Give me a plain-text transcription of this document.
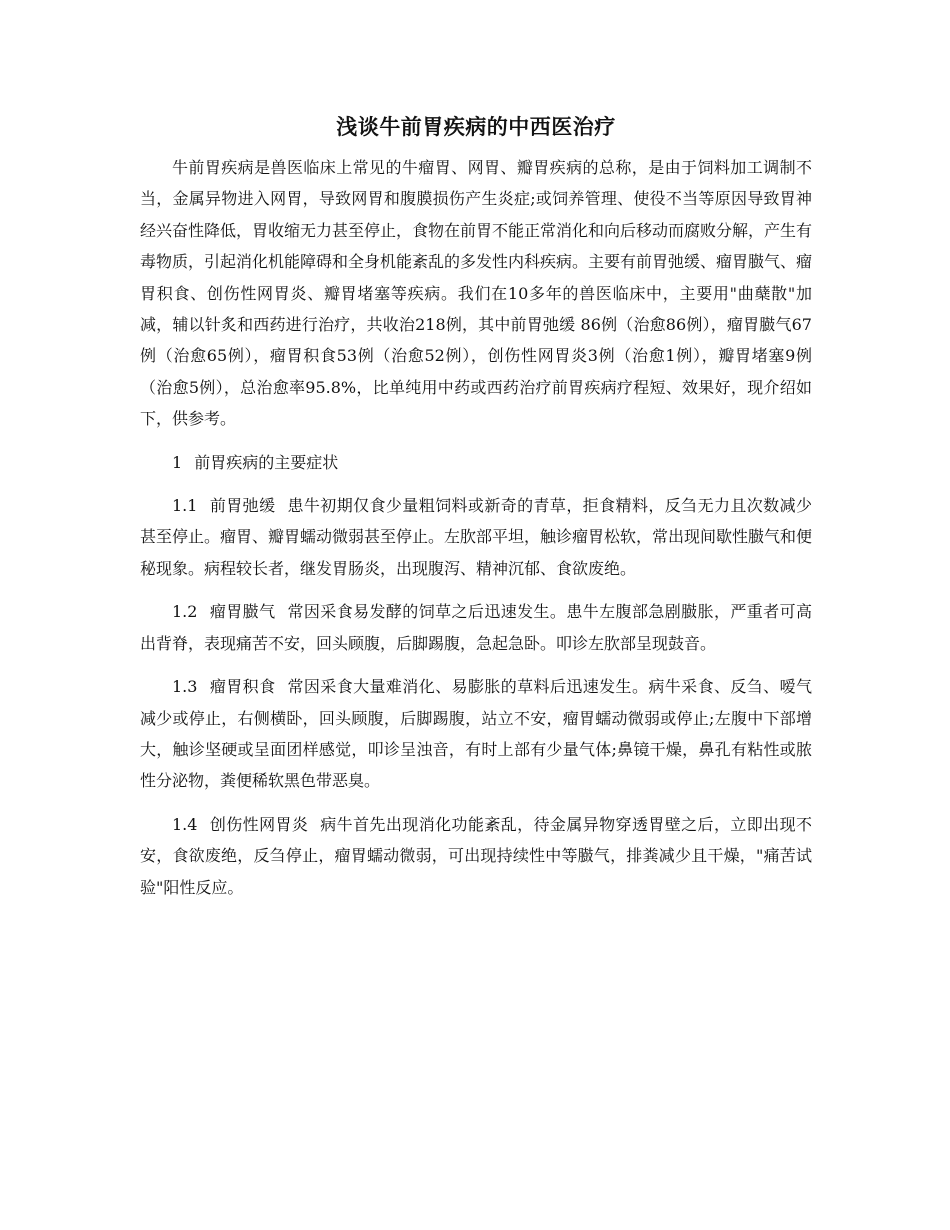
浅谈牛前胃疾病的中西医治疗

牛前胃疾病是兽医临床上常见的牛瘤胃、网胃、瓣胃疾病的总称，是由于饲料加工调制不当，金属异物进入网胃，导致网胃和腹膜损伤产生炎症;或饲养管理、使役不当等原因导致胃神经兴奋性降低，胃收缩无力甚至停止，食物在前胃不能正常消化和向后移动而腐败分解，产生有毒物质，引起消化机能障碍和全身机能紊乱的多发性内科疾病。主要有前胃弛缓、瘤胃臌气、瘤胃积食、创伤性网胃炎、瓣胃堵塞等疾病。我们在10多年的兽医临床中，主要用"曲蘖散"加减，辅以针炙和西药进行治疗，共收治218例，其中前胃弛缓 86例（治愈86例），瘤胃臌气67例（治愈65例），瘤胃积食53例（治愈52例），创伤性网胃炎3例（治愈1例），瓣胃堵塞9例（治愈5例），总治愈率95.8%，比单纯用中药或西药治疗前胃疾病疗程短、效果好，现介绍如下，供参考。

1 前胃疾病的主要症状

1.1 前胃弛缓 患牛初期仅食少量粗饲料或新奇的青草，拒食精料，反刍无力且次数减少甚至停止。瘤胃、瓣胃蠕动微弱甚至停止。左肷部平坦，触诊瘤胃松软，常出现间歇性臌气和便秘现象。病程较长者，继发胃肠炎，出现腹泻、精神沉郁、食欲废绝。

1.2 瘤胃臌气 常因采食易发酵的饲草之后迅速发生。患牛左腹部急剧臌胀，严重者可高出背脊，表现痛苦不安，回头顾腹，后脚踢腹，急起急卧。叩诊左肷部呈现鼓音。

1.3 瘤胃积食 常因采食大量难消化、易膨胀的草料后迅速发生。病牛采食、反刍、嗳气减少或停止，右侧横卧，回头顾腹，后脚踢腹，站立不安，瘤胃蠕动微弱或停止;左腹中下部增大，触诊坚硬或呈面团样感觉，叩诊呈浊音，有时上部有少量气体;鼻镜干燥，鼻孔有粘性或脓性分泌物，粪便稀软黑色带恶臭。

1.4 创伤性网胃炎 病牛首先出现消化功能紊乱，待金属异物穿透胃壁之后，立即出现不安，食欲废绝，反刍停止，瘤胃蠕动微弱，可出现持续性中等臌气，排粪减少且干燥，"痛苦试验"阳性反应。
